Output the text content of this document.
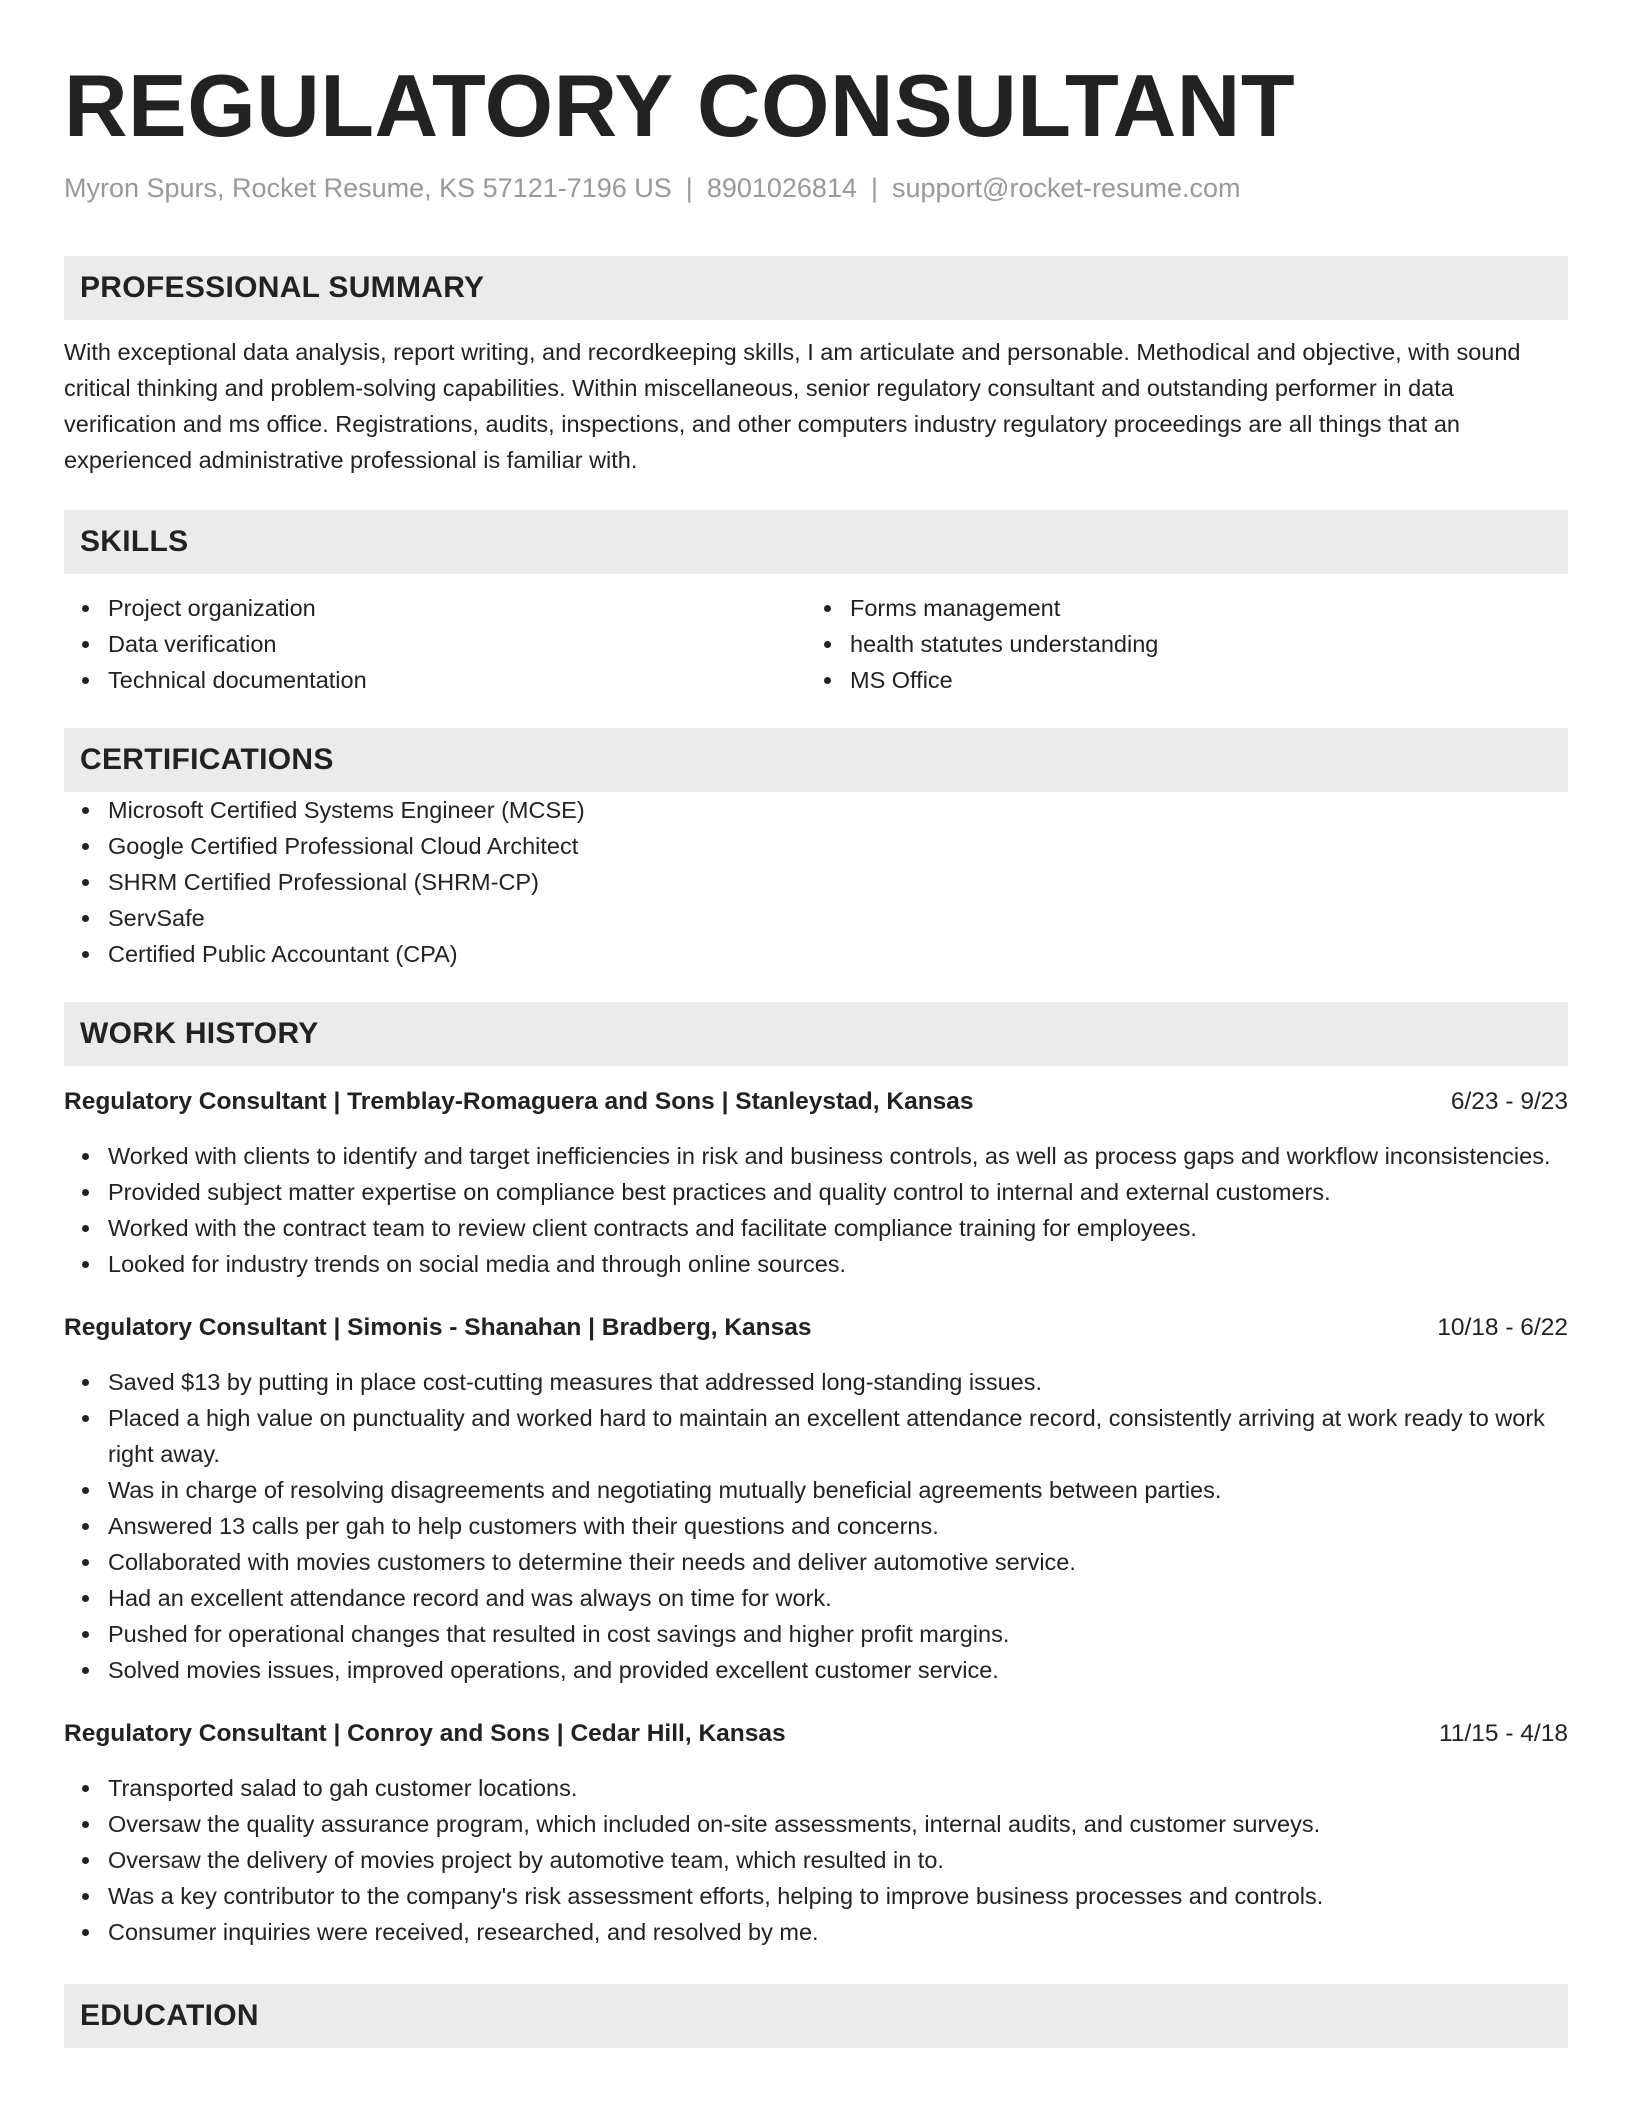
REGULATORY CONSULTANT
Myron Spurs, Rocket Resume, KS 57121-7196 US | 8901026814 | support@rocket-resume.com
PROFESSIONAL SUMMARY

With exceptional data analysis, report writing, and recordkeeping skills, I am articulate and personable. Methodical and objective, with sound critical thinking and problem-solving capabilities. Within miscellaneous, senior regulatory consultant and outstanding performer in data verification and ms office. Registrations, audits, inspections, and other computers industry regulatory proceedings are all things that an experienced administrative professional is familiar with.

SKILLS
Project organization
Data verification
Technical documentation
Forms management
health statutes understanding
MS Office
CERTIFICATIONS
Microsoft Certified Systems Engineer (MCSE)
Google Certified Professional Cloud Architect
SHRM Certified Professional (SHRM-CP)
ServSafe
Certified Public Accountant (CPA)
WORK HISTORY
Regulatory Consultant | Tremblay-Romaguera and Sons | Stanleystad, Kansas	6/23 - 9/23
Worked with clients to identify and target inefficiencies in risk and business controls, as well as process gaps and workflow inconsistencies.
Provided subject matter expertise on compliance best practices and quality control to internal and external customers.
Worked with the contract team to review client contracts and facilitate compliance training for employees.
Looked for industry trends on social media and through online sources.
Regulatory Consultant | Simonis - Shanahan | Bradberg, Kansas	10/18 - 6/22
Saved $13 by putting in place cost-cutting measures that addressed long-standing issues.
Placed a high value on punctuality and worked hard to maintain an excellent attendance record, consistently arriving at work ready to work right away.
Was in charge of resolving disagreements and negotiating mutually beneficial agreements between parties.
Answered 13 calls per gah to help customers with their questions and concerns.
Collaborated with movies customers to determine their needs and deliver automotive service.
Had an excellent attendance record and was always on time for work.
Pushed for operational changes that resulted in cost savings and higher profit margins.
Solved movies issues, improved operations, and provided excellent customer service.
Regulatory Consultant | Conroy and Sons | Cedar Hill, Kansas	11/15 - 4/18
Transported salad to gah customer locations.
Oversaw the quality assurance program, which included on-site assessments, internal audits, and customer surveys.
Oversaw the delivery of movies project by automotive team, which resulted in to.
Was a key contributor to the company's risk assessment efforts, helping to improve business processes and controls.
Consumer inquiries were received, researched, and resolved by me.
EDUCATION
